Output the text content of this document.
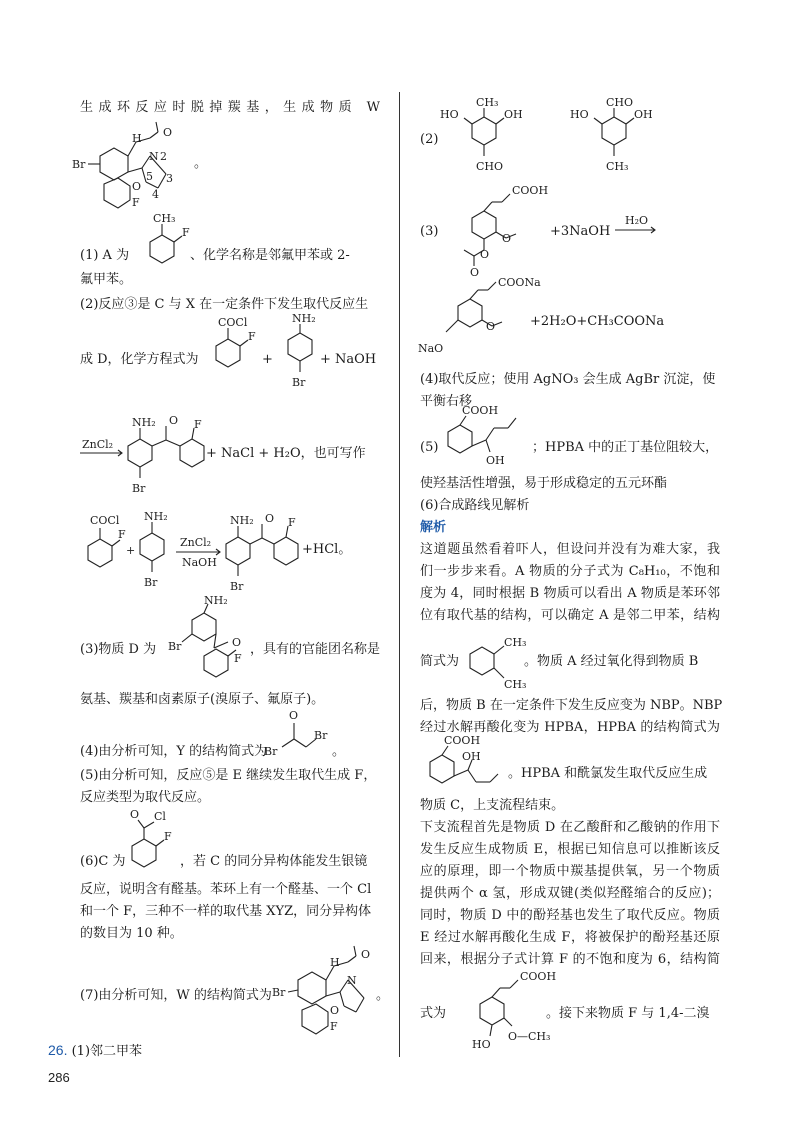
生成环反应时脱掉羰基，生成物质 W
H
Br
N 2
O
5 3
4
O
F
。
(1) A 为
CH₃
F
、化学名称是邻氟甲苯或 2-
氟甲苯。
(2)反应③是 C 与 X 在一定条件下发生取代反应生
成 D，化学方程式为
COCl
F
+
NH₂
Br
+ NaOH
ZnCl₂
NH₂ O F
Br
+ NaCl + H₂O，也可写作
COCl
F
+
NH₂
Br
ZnCl₂
NaOH
NH₂ O F
Br
+HCl。
(3)物质 D 为
NH₂
Br	O
F
，具有的官能团名称是
氨基、羰基和卤素原子(溴原子、氟原子)。
(4)由分析可知，Y 的结构简式为
O
Br
Br
。
(5)由分析可知，反应⑤是 E 继续发生取代生成 F，
反应类型为取代反应。
(6)C 为
O Cl
F
，若 C 的同分异构体能发生银镜
反应，说明含有醛基。苯环上有一个醛基、一个 Cl
和一个 F，三种不一样的取代基 XYZ，同分异构体
的数目为 10 种。
(7)由分析可知，W 的结构简式为
H
Br
N
O
O
F
。
26. (1)邻二甲苯
(2)
CH₃
HO	OH
CHO
CHO
HO	OH
CH₃
(3)
COOH
O
O
O
+3NaOH
H₂O
COONa
NaO
O	+2H₂O+CH₃COONa
(4)取代反应；使用 AgNO₃ 会生成 AgBr 沉淀，使
平衡右移
(5)
COOH
OH
；HPBA 中的正丁基位阻较大，
使羟基活性增强，易于形成稳定的五元环酯
(6)合成路线见解析
解析
这道题虽然看着吓人，但设问并没有为难大家，我
们一步步来看。A 物质的分子式为 C₈H₁₀，不饱和
度为 4，同时根据 B 物质可以看出 A 物质是苯环邻
位有取代基的结构，可以确定 A 是邻二甲苯，结构
简式为
CH₃
CH₃
。物质 A 经过氧化得到物质 B
后，物质 B 在一定条件下发生反应变为 NBP。NBP
经过水解再酸化变为 HPBA，HPBA 的结构简式为
COOH
OH
。HPBA 和酰氯发生取代反应生成
物质 C，上支流程结束。
下支流程首先是物质 D 在乙酸酐和乙酸钠的作用下
发生反应生成物质 E，根据已知信息可以推断该反
应的原理，即一个物质中羰基提供氧，另一个物质
提供两个 α 氢，形成双键(类似羟醛缩合的反应)；
同时，物质 D 中的酚羟基也发生了取代反应。物质
E 经过水解再酸化生成 F，将被保护的酚羟基还原
回来，根据分子式计算 F 的不饱和度为 6，结构简
式为
COOH
HO
O—CH₃
。接下来物质 F 与 1,4-二溴
286
